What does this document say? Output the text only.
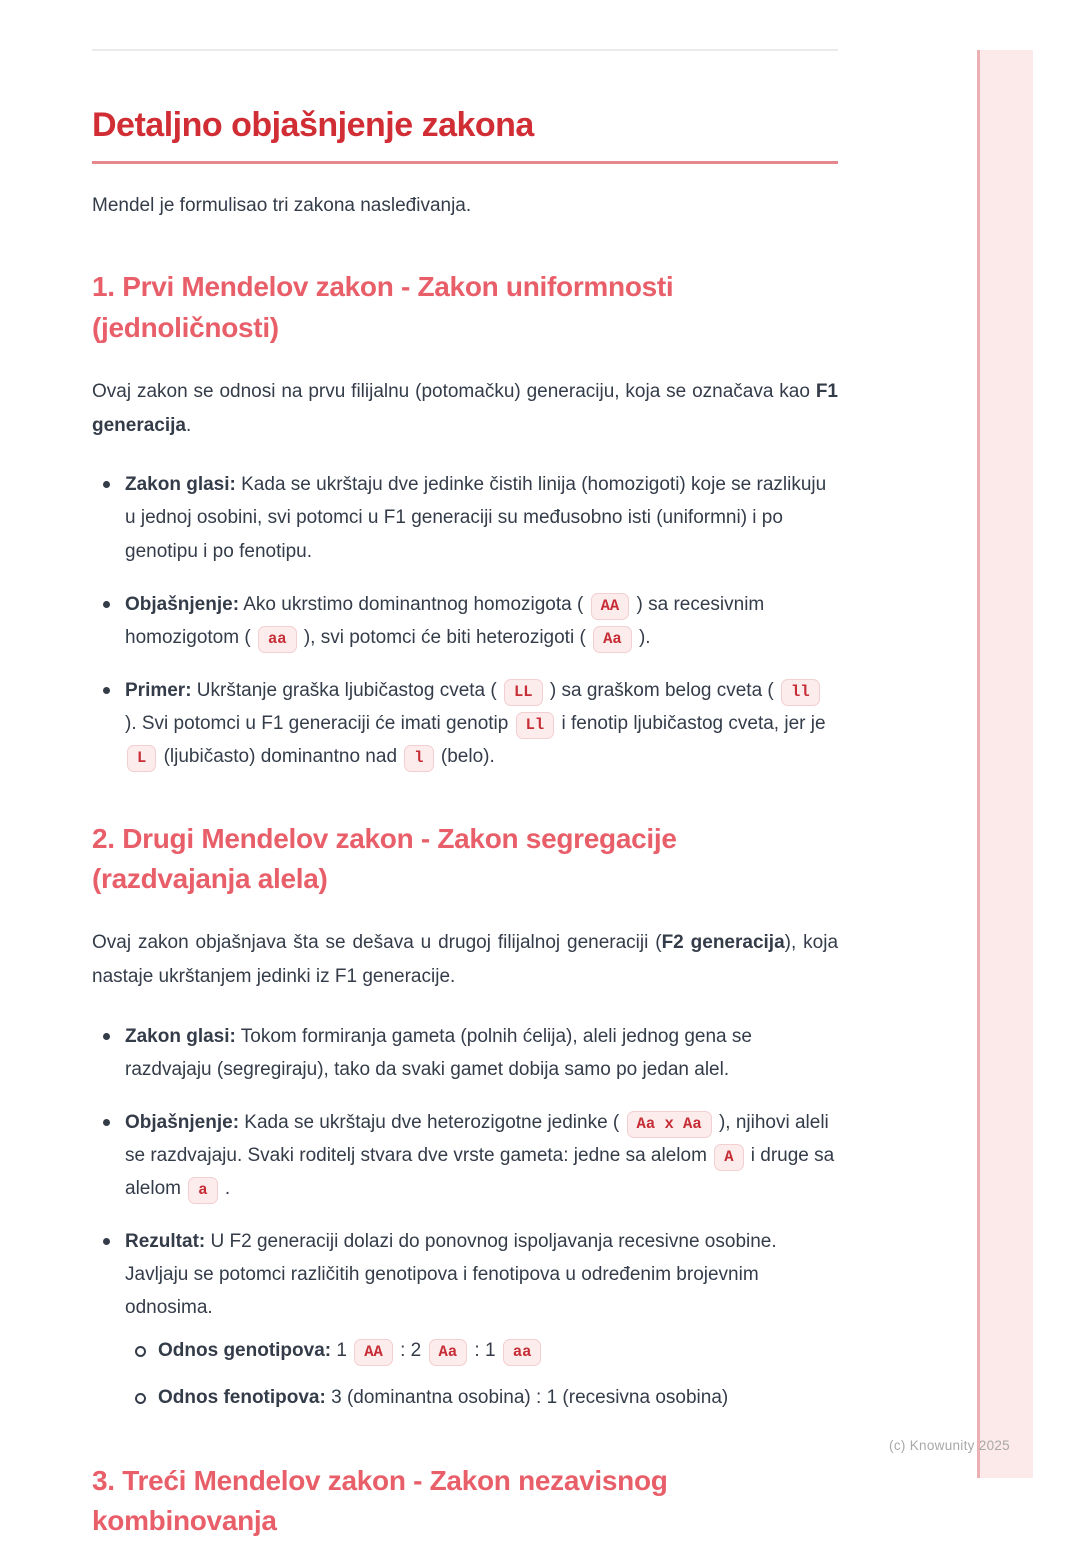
Detaljno objašnjenje zakona

Mendel je formulisao tri zakona nasleđivanja.

1. Prvi Mendelov zakon - Zakon uniformnosti (jednoličnosti)

Ovaj zakon se odnosi na prvu filijalnu (potomačku) generaciju, koja se označava kao F1 generacija.

Zakon glasi: Kada se ukrštaju dve jedinke čistih linija (homozigoti) koje se razlikuju u jednoj osobini, svi potomci u F1 generaciji su međusobno isti (uniformni) i po genotipu i po fenotipu.
Objašnjenje: Ako ukrstimo dominantnog homozigota ( AA ) sa recesivnim homozigotom ( aa ), svi potomci će biti heterozigoti ( Aa ).
Primer: Ukrštanje graška ljubičastog cveta ( LL ) sa graškom belog cveta ( ll ). Svi potomci u F1 generaciji će imati genotip Ll i fenotip ljubičastog cveta, jer je L (ljubičasto) dominantno nad l (belo).
2. Drugi Mendelov zakon - Zakon segregacije (razdvajanja alela)

Ovaj zakon objašnjava šta se dešava u drugoj filijalnoj generaciji (F2 generacija), koja nastaje ukrštanjem jedinki iz F1 generacije.

Zakon glasi: Tokom formiranja gameta (polnih ćelija), aleli jednog gena se razdvajaju (segregiraju), tako da svaki gamet dobija samo po jedan alel.
Objašnjenje: Kada se ukrštaju dve heterozigotne jedinke ( Aa x Aa ), njihovi aleli se razdvajaju. Svaki roditelj stvara dve vrste gameta: jedne sa alelom A i druge sa alelom a .
Rezultat: U F2 generaciji dolazi do ponovnog ispoljavanja recesivne osobine. Javljaju se potomci različitih genotipova i fenotipova u određenim brojevnim odnosima.
Odnos genotipova: 1 AA : 2 Aa : 1 aa
Odnos fenotipova: 3 (dominantna osobina) : 1 (recesivna osobina)
3. Treći Mendelov zakon - Zakon nezavisnog kombinovanja
(c) Knowunity 2025
